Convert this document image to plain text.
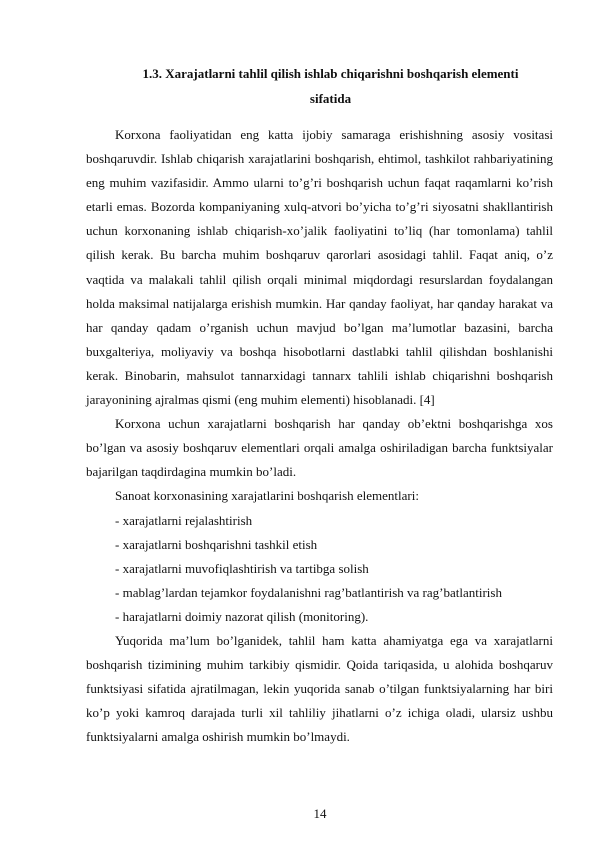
1.3. Xarajatlarni tahlil qilish ishlab chiqarishni boshqarish elementi sifatida

Korxona faoliyatidan eng katta ijobiy samaraga erishishning asosiy vositasi boshqaruvdir. Ishlab chiqarish xarajatlarini boshqarish, ehtimol, tashkilot rahbariyatining eng muhim vazifasidir. Ammo ularni to’g’ri boshqarish uchun faqat raqamlarni ko’rish etarli emas. Bozorda kompaniyaning xulq-atvori bo’yicha to’g’ri siyosatni shakllantirish uchun korxonaning ishlab chiqarish-xo’jalik faoliyatini to’liq (har tomonlama) tahlil qilish kerak. Bu barcha muhim boshqaruv qarorlari asosidagi tahlil. Faqat aniq, o’z vaqtida va malakali tahlil qilish orqali minimal miqdordagi resurslardan foydalangan holda maksimal natijalarga erishish mumkin. Har qanday faoliyat, har qanday harakat va har qanday qadam o’rganish uchun mavjud bo’lgan ma’lumotlar bazasini, barcha buxgalteriya, moliyaviy va boshqa hisobotlarni dastlabki tahlil qilishdan boshlanishi kerak. Binobarin, mahsulot tannarxidagi tannarx tahlili ishlab chiqarishni boshqarish jarayonining ajralmas qismi (eng muhim elementi) hisoblanadi. [4]

Korxona uchun xarajatlarni boshqarish har qanday ob’ektni boshqarishga xos bo’lgan va asosiy boshqaruv elementlari orqali amalga oshiriladigan barcha funktsiyalar bajarilgan taqdirdagina mumkin bo’ladi.

Sanoat korxonasining xarajatlarini boshqarish elementlari:

- xarajatlarni rejalashtirish
- xarajatlarni boshqarishni tashkil etish
- xarajatlarni muvofiqlashtirish va tartibga solish
- mablag’lardan tejamkor foydalanishni rag’batlantirish va rag’batlantirish
- harajatlarni doimiy nazorat qilish (monitoring).

Yuqorida ma’lum bo’lganidek, tahlil ham katta ahamiyatga ega va xarajatlarni boshqarish tizimining muhim tarkibiy qismidir. Qoida tariqasida, u alohida boshqaruv funktsiyasi sifatida ajratilmagan, lekin yuqorida sanab o’tilgan funktsiyalarning har biri ko’p yoki kamroq darajada turli xil tahliliy jihatlarni o’z ichiga oladi, ularsiz ushbu funktsiyalarni amalga oshirish mumkin bo’lmaydi.

14
